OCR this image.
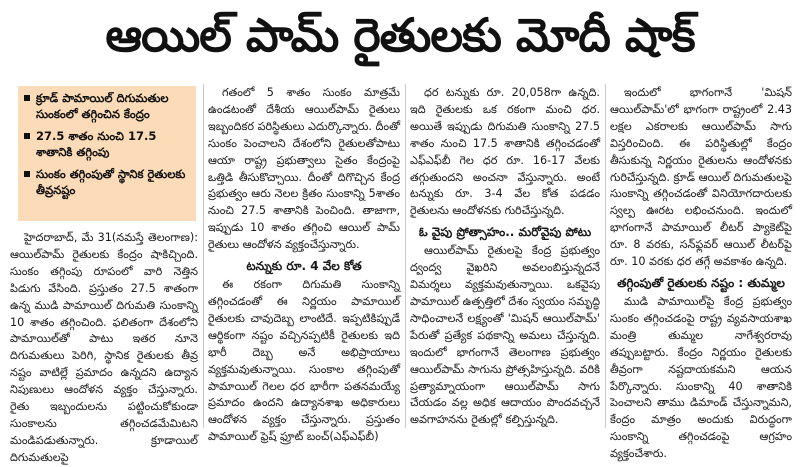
ఆయిల్ పామ్ రైతులకు మోదీ షాక్
క్రూడ్ పామాయిల్ దిగుమతుల సుంకంలో తగ్గించిన కేంద్రం
27.5 శాతం నుంచి 17.5 శాతానికి తగ్గింపు
సుంకం తగ్గింపుతో స్థానిక రైతులకు తీవ్రనష్టం

హైదరాబాద్, మే 31(నమస్తే తెలంగాణ): ఆయిల్‌పామ్ రైతులకు కేంద్రం షాకిచ్చింది. సుంకం తగ్గింపు రూపంలో వారి నెత్తిన పిడుగు వేసింది. ప్రస్తుతం 27.5 శాతంగా ఉన్న ముడి పామాయిల్ దిగుమతి సుంకాన్ని 10 శాతం తగ్గించింది. ఫలితంగా దేశంలోని పామాయిల్‌తో పాటు ఇతర నూనె దిగుమతులు పెరిగి, స్థానిక రైతులకు తీవ్ర నష్టం వాటిల్లే ప్రమాదం ఉన్నదని ఉద్యాన నిపుణులు ఆందోళన వ్యక్తం చేస్తున్నారు. రైతు ఇబ్బందులను పట్టించుకోకుండా సుంకాలను తగ్గించడమేమిటని మండిపడుతున్నారు. క్రూడాయిల్ దిగుమతులపై

గతంలో 5 శాతం సుంకం మాత్రమే ఉండటంతో దేశీయ ఆయిల్‌పామ్ రైతులు ఇబ్బందికర పరిస్థితులు ఎదుర్కొన్నారు. దీంతో సుంకం పెంచాలని దేశంలోని రైతులతోపాటు ఆయా రాష్ట్ర ప్రభుత్వాలు సైతం కేంద్రంపై ఒత్తిడి తీసుకొచ్చాయి. దీంతో దిగొచ్చిన కేంద్ర ప్రభుత్వం ఆరు నెలల క్రితం సుంకాన్ని 5శాతం నుంచి 27.5 శాతానికి పెంచింది. తాజాగా, ఇప్పుడు 10 శాతం తగ్గించి ఆయిల్ పామ్ రైతులు ఆందోళన వ్యక్తంచేస్తున్నారు.

టన్నుకు రూ. 4 వేల కోత

ఈ రకంగా దిగుమతి సుంకాన్ని తగ్గించడంతో ఈ నిర్ణయం పామాయిల్ రైతులకు చావుదెబ్బ లాంటిదే. ఇప్పటికిప్పుడే ఆర్థికంగా నష్టం వచ్చినప్పటికీ రైతులకు ఇది భారీ దెబ్బ అనే అభిప్రాయాలు వ్యక్తమవుతున్నాయి. సుంకాల తగ్గింపుతో పామాయిల్ గెలల ధర భారీగా పతనమయ్యే ప్రమాదం ఉందని ఉద్యానశాఖ అధికారులు ఆందోళన వ్యక్తం చేస్తున్నారు. ప్రస్తుతం పామాయిల్ ఫ్రెష్ ఫ్రూట్ బంచ్(ఎఫ్‌ఎఫ్‌బీ)

ధర టన్నుకు రూ. 20,058గా ఉన్నది. ఇది రైతులకు ఒక రకంగా మంచి ధర. అయితే ఇప్పుడు దిగుమతి సుంకాన్ని 27.5 శాతం నుంచి 17.5 శాతానికి తగ్గించడంతో ఎఫ్‌ఎఫ్‌బీ గెల ధర రూ. 16-17 వేలకు తగ్గుతుందని అంచనా వేస్తున్నారు. అంటే టన్నుకు రూ. 3-4 వేల కోత పడడం రైతులను ఆందోళనకు గురిచేస్తున్నది.

ఓ వైపు ప్రోత్సాహం.. మరోవైపు పోటు

ఆయిల్‌పామ్ రైతులపై కేంద్ర ప్రభుత్వం ద్వంద్వ వైఖరిని అవలంబిస్తున్నదనే విమర్శలు వ్యక్తమవుతున్నాయి. ఒకవైపు పామాయిల్ ఉత్పత్తిలో దేశం స్వయం సమృద్ధి సాధించాలనే లక్ష్యంతో 'మిషన్ ఆయిల్‌పామ్' పేరుతో ప్రత్యేక పథకాన్ని అమలు చేస్తున్నది. ఇందులో భాగంగానే తెలంగాణ ప్రభుత్వం ఆయిల్‌పామ్ సాగును ప్రోత్సహిస్తున్నది. వరికి ప్రత్యామ్నాయంగా ఆయిల్‌పామ్ సాగు చేయడం వల్ల అధిక ఆదాయం పొందవచ్చనే అవగాహనను రైతుల్లో కల్పిస్తున్నది.

ఇందులో భాగంగానే 'మిషన్ ఆయిల్‌పామ్'లో భాగంగా రాష్ట్రంలో 2.43 లక్షల ఎకరాలకు ఆయిల్‌పామ్ సాగు విస్తరించింది. ఈ పరిస్థితుల్లో కేంద్రం తీసుకున్న నిర్ణయం రైతులను ఆందోళనకు గురిచేస్తున్నది. క్రూడ్ ఆయిల్ దిగుమతులపై సుంకాన్ని తగ్గించడంతో వినియోగదారులకు స్వల్ప ఊరట లభించనుంది. ఇందులో భాగంగానే పామాయిల్ లీటర్ ప్యాకెట్‌పై రూ. 8 వరకు, సన్‌ఫ్లవర్ ఆయిల్ లీటర్‌పై రూ. 10 వరకు ధర తగ్గే అవకాశం ఉన్నది.

తగ్గింపుతో రైతులకు నష్టం : తుమ్మల

ముడి పామాయిల్‌పై కేంద్ర ప్రభుత్వం సుంకం తగ్గించడంపై రాష్ట్ర వ్యవసాయశాఖ మంత్రి తుమ్మల నాగేశ్వరరావు తప్పుబట్టారు. కేంద్రం నిర్ణయం రైతులకు తీవ్రంగా నష్టదాయకమని ఆయన పేర్కొన్నారు. సుంకాన్ని 40 శాతానికి పెంచాలని తాము డిమాండ్ చేస్తున్నామని, కేంద్రం మాత్రం అందుకు విరుద్ధంగా సుంకాన్ని తగ్గించడంపై ఆగ్రహం వ్యక్తంచేశారు.
